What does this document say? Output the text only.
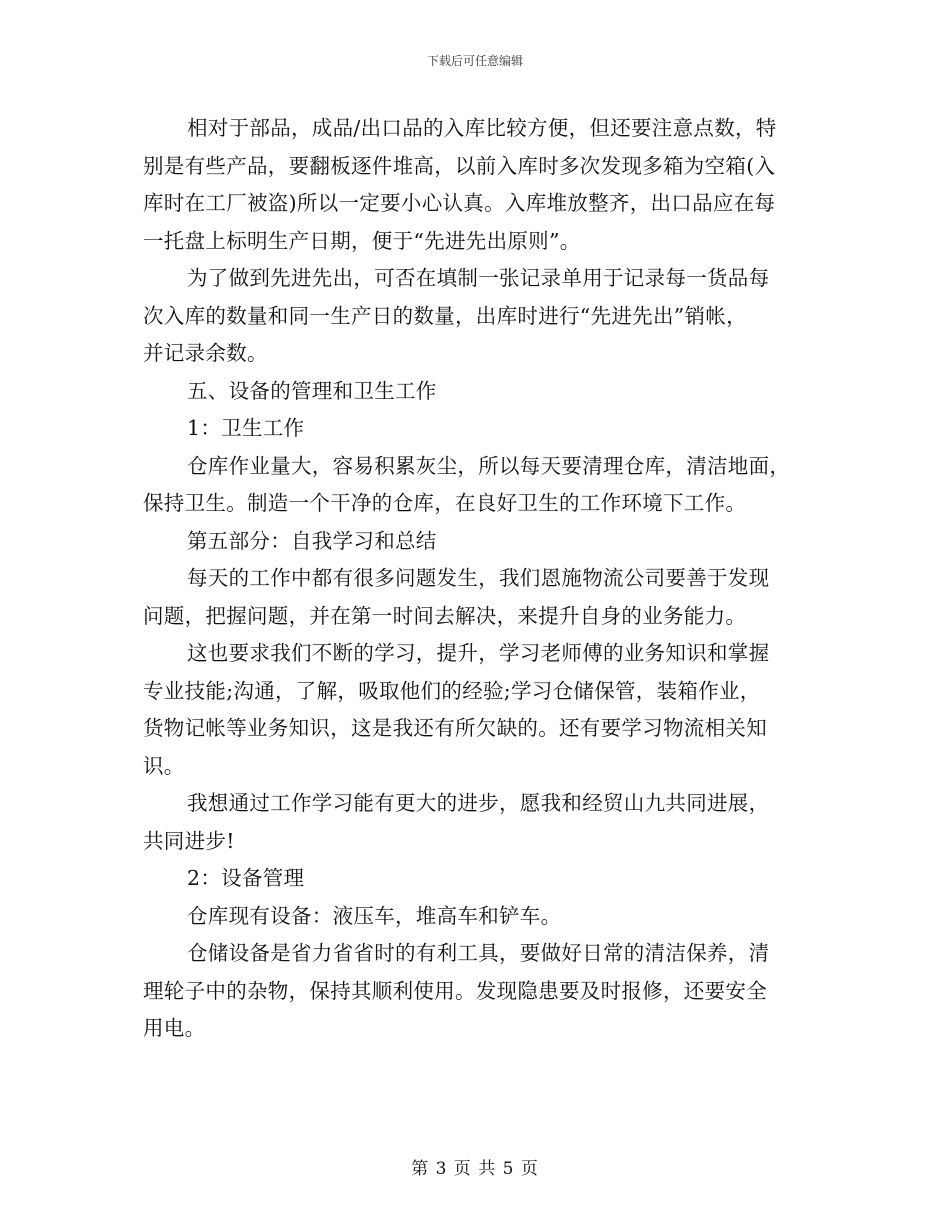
下载后可任意编辑
相对于部品，成品/出口品的入库比较方便，但还要注意点数，特
别是有些产品，要翻板逐件堆高，以前入库时多次发现多箱为空箱(入
库时在工厂被盗)所以一定要小心认真。入库堆放整齐，出口品应在每
一托盘上标明生产日期，便于“先进先出原则”。
为了做到先进先出，可否在填制一张记录单用于记录每一货品每
次入库的数量和同一生产日的数量，出库时进行“先进先出”销帐，
并记录余数。
五、设备的管理和卫生工作
1：卫生工作
仓库作业量大，容易积累灰尘，所以每天要清理仓库，清洁地面，
保持卫生。制造一个干净的仓库，在良好卫生的工作环境下工作。
第五部分：自我学习和总结
每天的工作中都有很多问题发生，我们恩施物流公司要善于发现
问题，把握问题，并在第一时间去解决，来提升自身的业务能力。
这也要求我们不断的学习，提升，学习老师傅的业务知识和掌握
专业技能;沟通，了解，吸取他们的经验;学习仓储保管，装箱作业，
货物记帐等业务知识，这是我还有所欠缺的。还有要学习物流相关知
识。
我想通过工作学习能有更大的进步，愿我和经贸山九共同进展，
共同进步!
2：设备管理
仓库现有设备：液压车，堆高车和铲车。
仓储设备是省力省省时的有利工具，要做好日常的清洁保养，清
理轮子中的杂物，保持其顺利使用。发现隐患要及时报修，还要安全
用电。
第 3 页 共 5 页
